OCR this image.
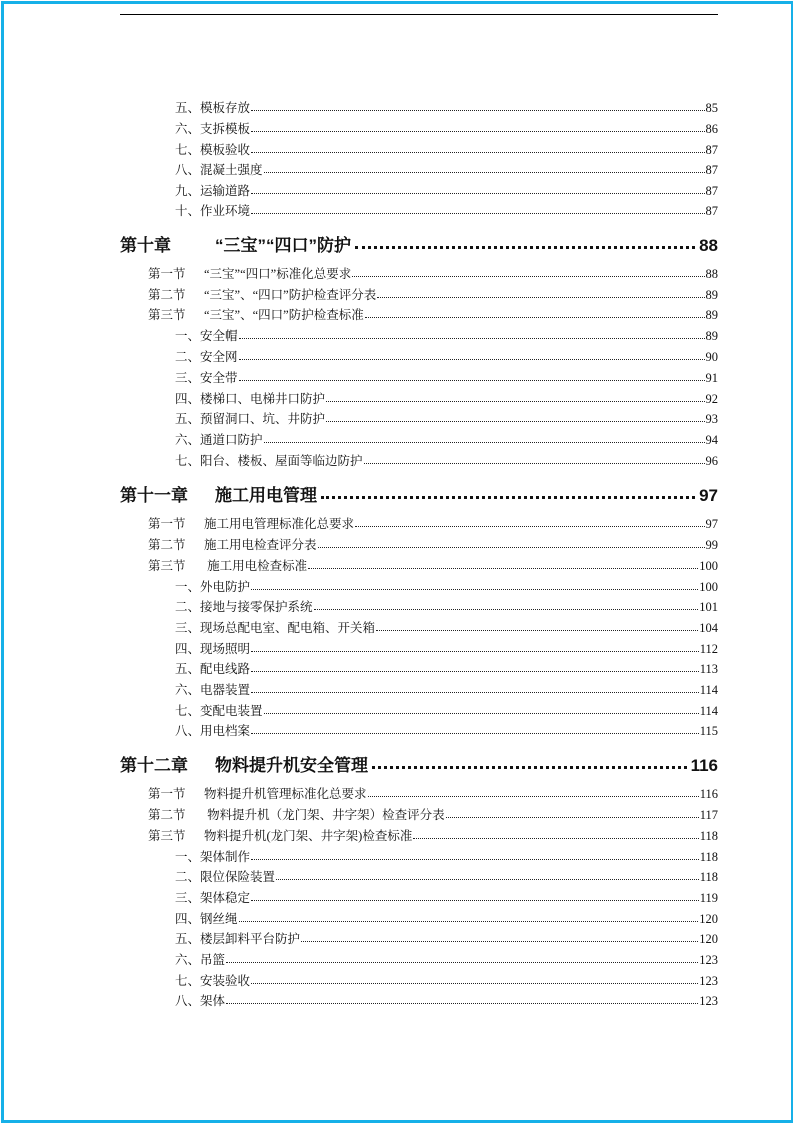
五、模板存放	85
六、支拆模板	86
七、模板验收	87
八、混凝土强度	87
九、运输道路	87
十、作业环境	87
第十章	“三宝”“四口”防护	88
第一节 “三宝”“四口”标准化总要求	88
第二节 “三宝”、“四口”防护检查评分表	89
第三节 “三宝”、“四口”防护检查标准	89
一、安全帽	89
二、安全网	90
三、安全带	91
四、楼梯口、电梯井口防护	92
五、预留洞口、坑、井防护	93
六、通道口防护	94
七、阳台、楼板、屋面等临边防护	96
第十一章 施工用电管理	97
第一节 施工用电管理标准化总要求	97
第二节 施工用电检查评分表	99
第三节 施工用电检查标准	100
一、外电防护	100
二、接地与接零保护系统	101
三、现场总配电室、配电箱、开关箱	104
四、现场照明	112
五、配电线路	113
六、电器装置	114
七、变配电装置	114
八、用电档案	115
第十二章 物料提升机安全管理	116
第一节 物料提升机管理标准化总要求	116
第二节 物料提升机（龙门架、井字架）检查评分表	117
第三节 物料提升机(龙门架、井字架)检查标准	118
一、架体制作	118
二、限位保险装置	118
三、架体稳定	119
四、钢丝绳	120
五、楼层卸料平台防护	120
六、吊篮	123
七、安装验收	123
八、架体	123
